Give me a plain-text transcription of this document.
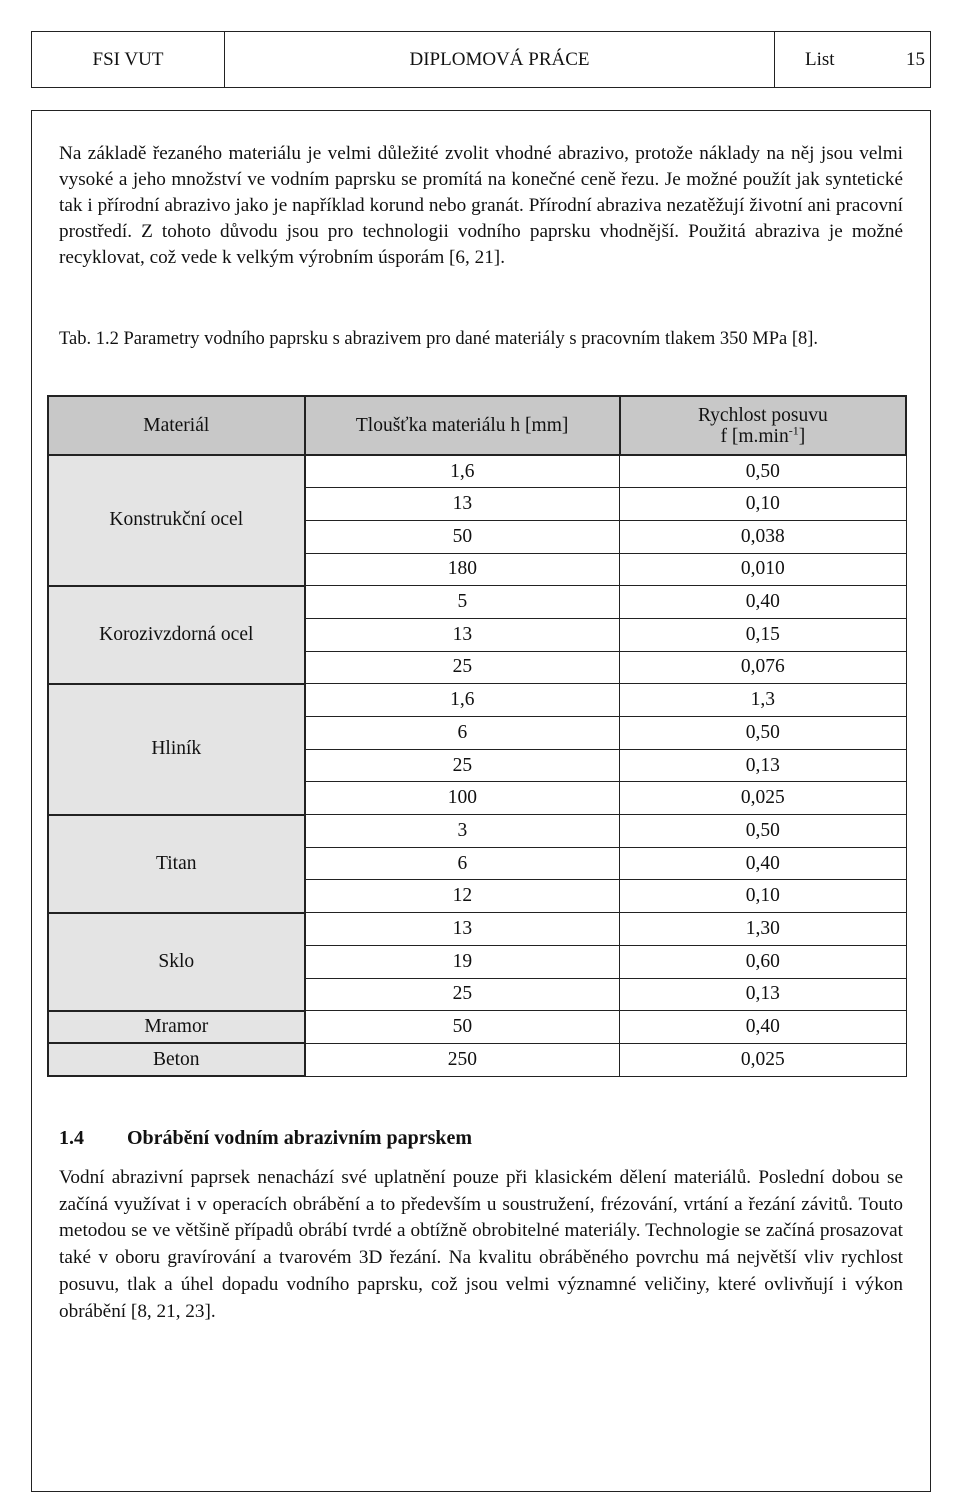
FSI VUT	DIPLOMOVÁ PRÁCE	List	15

Na základě řezaného materiálu je velmi důležité zvolit vhodné abrazivo, protože náklady na něj jsou velmi vysoké a jeho množství ve vodním paprsku se promítá na konečné ceně řezu. Je možné použít jak syntetické tak i přírodní abrazivo jako je například korund nebo granát. Přírodní abraziva nezatěžují životní ani pracovní prostředí. Z tohoto důvodu jsou pro technologii vodního paprsku vhodnější. Použitá abraziva je možné recyklovat, což vede k velkým výrobním úsporám [6, 21].

Tab. 1.2 Parametry vodního paprsku s abrazivem pro dané materiály s pracovním tlakem 350 MPa [8].

Materiál	Tloušťka materiálu h [mm]	Rychlost posuvu
f $[m.\min^{-1}]$
Konstrukční ocel	1,6	0,50
	13	0,10
	50	0,038
	180	0,010
Korozivzdorná ocel	5	0,40
	13	0,15
	25	0,076
Hliník	1,6	1,3
	6	0,50
	25	0,13
	100	0,025
Titan	3	0,50
	6	0,40
	12	0,10
Sklo	13	1,30
	19	0,60
	25	0,13
Mramor	50	0,40
Beton	250	0,025
1.4 Obrábění vodním abrazivním paprskem

Vodní abrazivní paprsek nenachází své uplatnění pouze při klasickém dělení materiálů. Poslední dobou se začíná využívat i v operacích obrábění a to především u soustružení, frézování, vrtání a řezání závitů. Touto metodou se ve většině případů obrábí tvrdé a obtížně obrobitelné materiály. Technologie se začíná prosazovat také v oboru gravírování a tvarovém 3D řezání. Na kvalitu obráběného povrchu má největší vliv rychlost posuvu, tlak a úhel dopadu vodního paprsku, což jsou velmi významné veličiny, které ovlivňují i výkon obrábění [8, 21, 23].
